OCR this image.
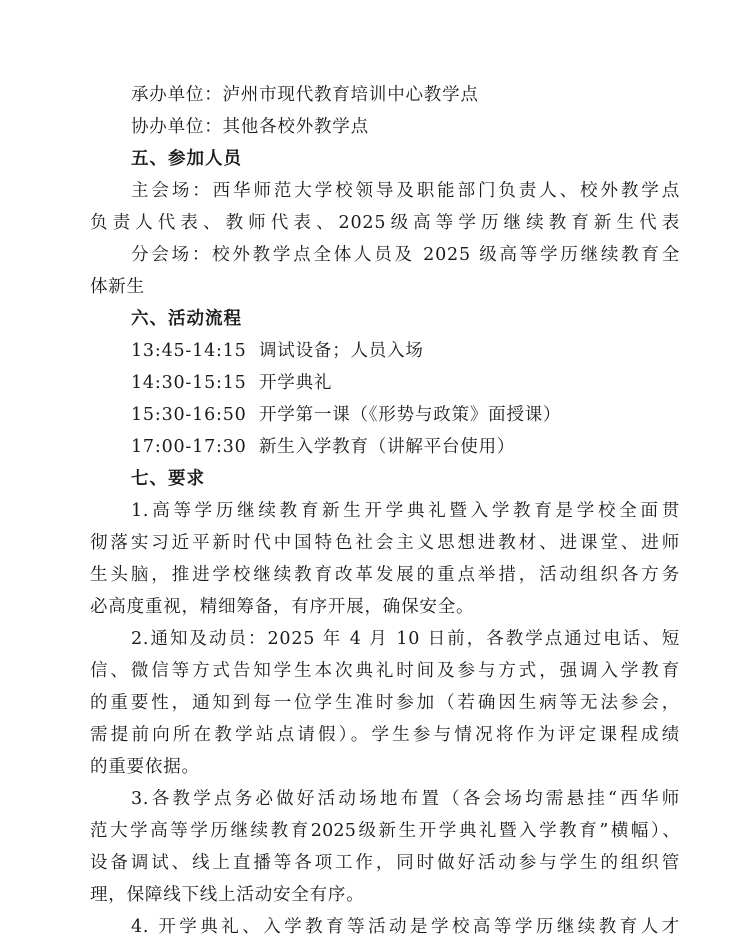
承办单位：泸州市现代教育培训中心教学点
协办单位：其他各校外教学点
五、参加人员
主会场：西华师范大学校领导及职能部门负责人、校外教学点
负责人代表、教师代表、2025级高等学历继续教育新生代表
分会场：校外教学点全体人员及 2025 级高等学历继续教育全
体新生
六、活动流程
13:45-14:15 调试设备；人员入场
14:30-15:15 开学典礼
15:30-16:50 开学第一课（《形势与政策》面授课）
17:00-17:30 新生入学教育（讲解平台使用）
七、要求
1.高等学历继续教育新生开学典礼暨入学教育是学校全面贯
彻落实习近平新时代中国特色社会主义思想进教材、进课堂、进师
生头脑，推进学校继续教育改革发展的重点举措，活动组织各方务
必高度重视，精细筹备，有序开展，确保安全。
2.通知及动员：2025 年 4 月 10 日前，各教学点通过电话、短
信、微信等方式告知学生本次典礼时间及参与方式，强调入学教育
的重要性，通知到每一位学生准时参加（若确因生病等无法参会，
需提前向所在教学站点请假）。学生参与情况将作为评定课程成绩
的重要依据。
3.各教学点务必做好活动场地布置（各会场均需悬挂“西华师
范大学高等学历继续教育2025级新生开学典礼暨入学教育”横幅）、
设备调试、线上直播等各项工作，同时做好活动参与学生的组织管
理，保障线下线上活动安全有序。
4. 开学典礼、入学教育等活动是学校高等学历继续教育人才
